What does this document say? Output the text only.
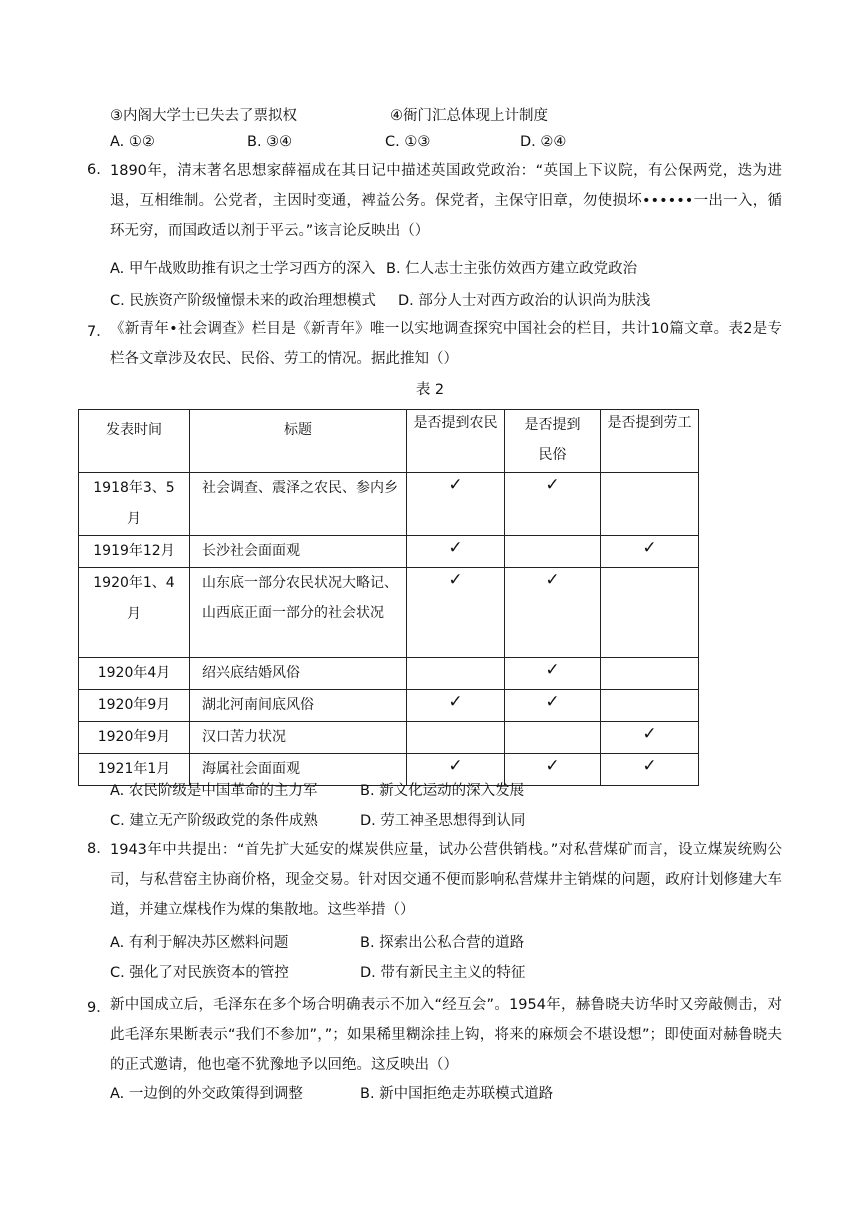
③内阁大学士已失去了票拟权	④衙门汇总体现上计制度
A. ①②	B. ③④	C. ①③	D. ②④
6. 1890年，清末著名思想家薛福成在其日记中描述英国政党政治：“英国上下议院，有公保两党，迭为进退，互相维制。公党者，主因时变通，裨益公务。保党者，主保守旧章，勿使损坏••••••一出一入，循环无穷，而国政适以剂于平云。”该言论反映出（）
A. 甲午战败助推有识之士学习西方的深入 B. 仁人志士主张仿效西方建立政党政治
C. 民族资产阶级憧憬未来的政治理想模式 D. 部分人士对西方政治的认识尚为肤浅
7． 《新青年•社会调查》栏目是《新青年》唯一以实地调查探究中国社会的栏目，共计10篇文章。表2是专栏各文章涉及农民、民俗、劳工的情况。据此推知（）
表 2
发表时间	标题	是否提到农民	是否提到民俗	是否提到劳工
1918年3、5月	社会调查、震泽之农民、参内乡	✓	✓	
1919年12月	长沙社会面面观	✓		✓
1920年1、4月	山东底一部分农民状况大略记、山西底正面一部分的社会状况	✓	✓	
1920年4月	绍兴底结婚风俗		✓	
1920年9月	湖北河南间底风俗	✓	✓	
1920年9月	汉口苦力状况			✓
1921年1月	海属社会面面观	✓	✓	✓
A. 农民阶级是中国革命的主力军	B. 新文化运动的深入发展
C. 建立无产阶级政党的条件成熟	D. 劳工神圣思想得到认同
8. 1943年中共提出：“首先扩大延安的煤炭供应量，试办公营供销栈。”对私营煤矿而言，设立煤炭统购公司，与私营窑主协商价格，现金交易。针对因交通不便而影响私营煤井主销煤的问题，政府计划修建大车道，并建立煤栈作为煤的集散地。这些举措（）
A. 有利于解决苏区燃料问题	B. 探索出公私合营的道路
C. 强化了对民族资本的管控	D. 带有新民主主义的特征
9． 新中国成立后，毛泽东在多个场合明确表示不加入“经互会”。1954年，赫鲁晓夫访华时又旁敲侧击，对此毛泽东果断表示“我们不参加”，”；如果稀里糊涂挂上钩，将来的麻烦会不堪设想”；即使面对赫鲁晓夫的正式邀请，他也毫不犹豫地予以回绝。这反映出（）
A. 一边倒的外交政策得到调整	B. 新中国拒绝走苏联模式道路
